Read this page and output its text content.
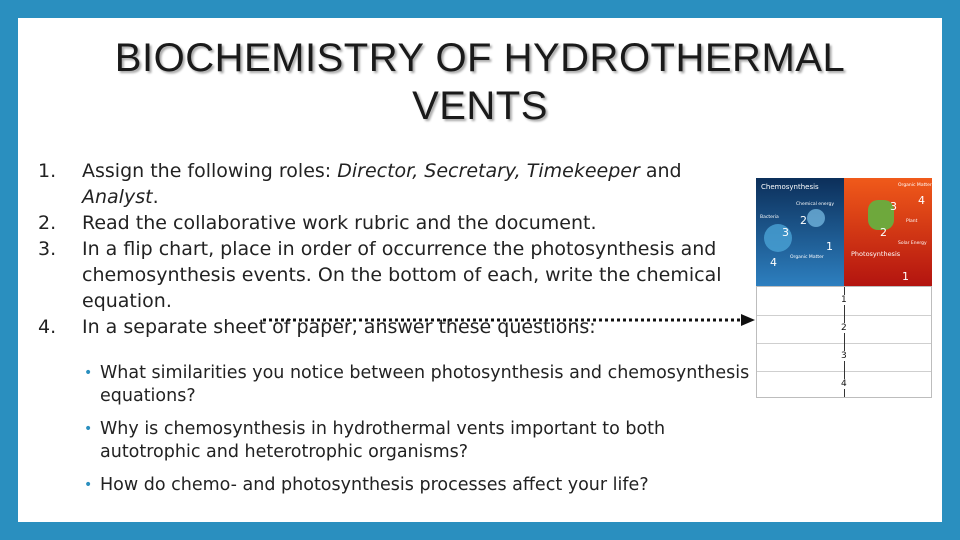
BIOCHEMISTRY OF HYDROTHERMAL
VENTS
1. Assign the following roles: Director, Secretary, Timekeeper and Analyst.
2. Read the collaborative work rubric and the document.
3. In a flip chart, place in order of occurrence the photosynthesis and chemosynthesis events. On the bottom of each, write the chemical equation.
4. In a separate sheet of paper, answer these questions:
• What similarities you notice between photosynthesis and chemosynthesis equations?
• Why is chemosynthesis in hydrothermal vents important to both autotrophic and heterotrophic organisms?
• How do chemo- and photosynthesis processes affect your life?
Chemosynthesis
Chemical energy
Bacteria
Organic Matter
2
3
4
1
Photosynthesis
Organic Matter
Plant
Solar Energy
4
3
2
1
1
2
3
4
